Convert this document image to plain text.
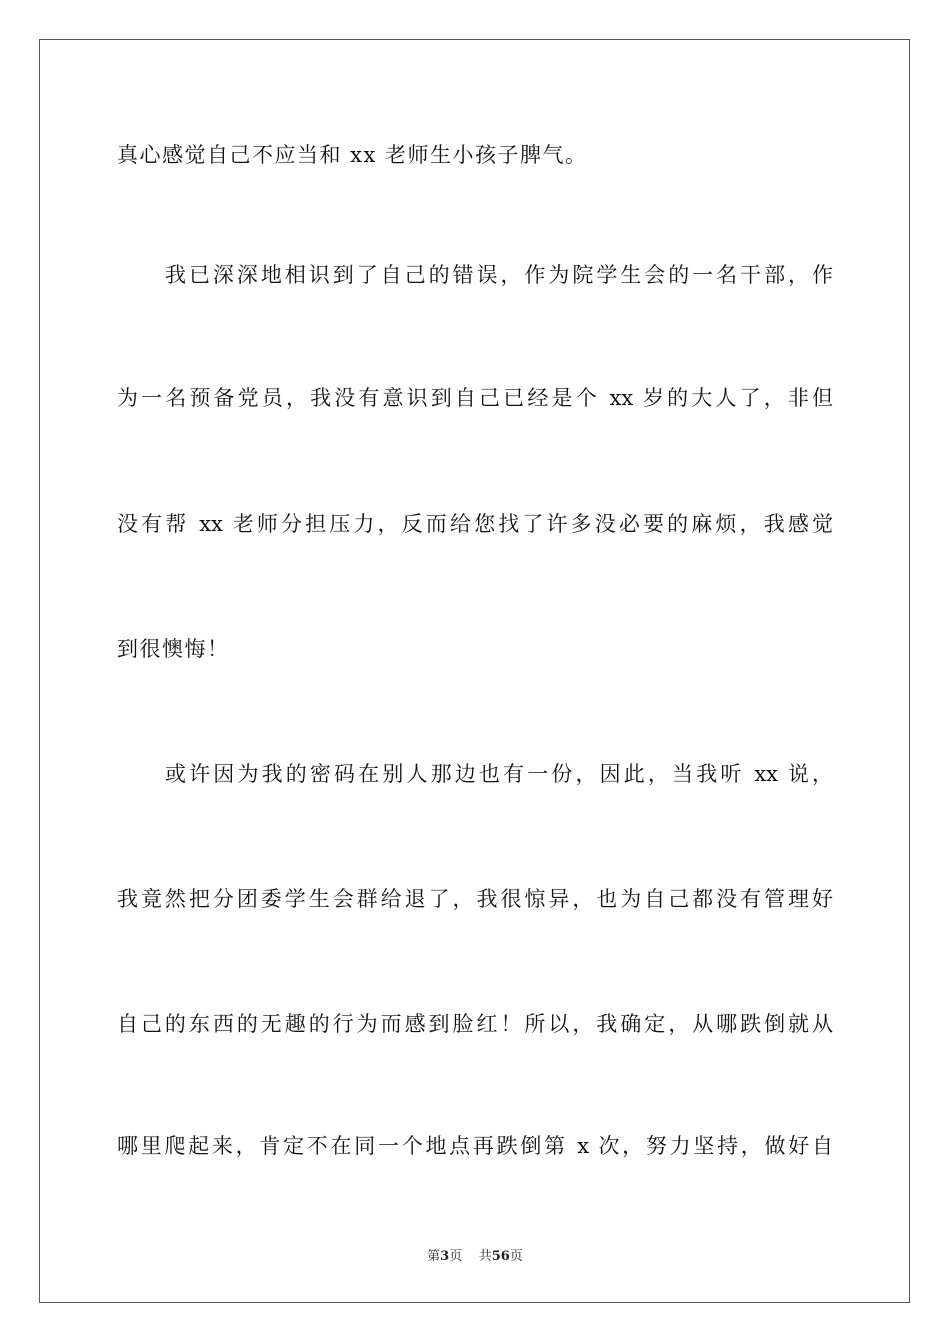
真心感觉自己不应当和 xx 老师生小孩子脾气。
我已深深地相识到了自己的错误，作为院学生会的一名干部，作
为一名预备党员，我没有意识到自己已经是个 xx 岁的大人了，非但
没有帮 xx 老师分担压力，反而给您找了许多没必要的麻烦，我感觉
到很懊悔！
或许因为我的密码在别人那边也有一份，因此，当我听 xx 说，
我竟然把分团委学生会群给退了，我很惊异，也为自己都没有管理好
自己的东西的无趣的行为而感到脸红！所以，我确定，从哪跌倒就从
哪里爬起来，肯定不在同一个地点再跌倒第 x 次，努力坚持，做好自
第3页 共56页
